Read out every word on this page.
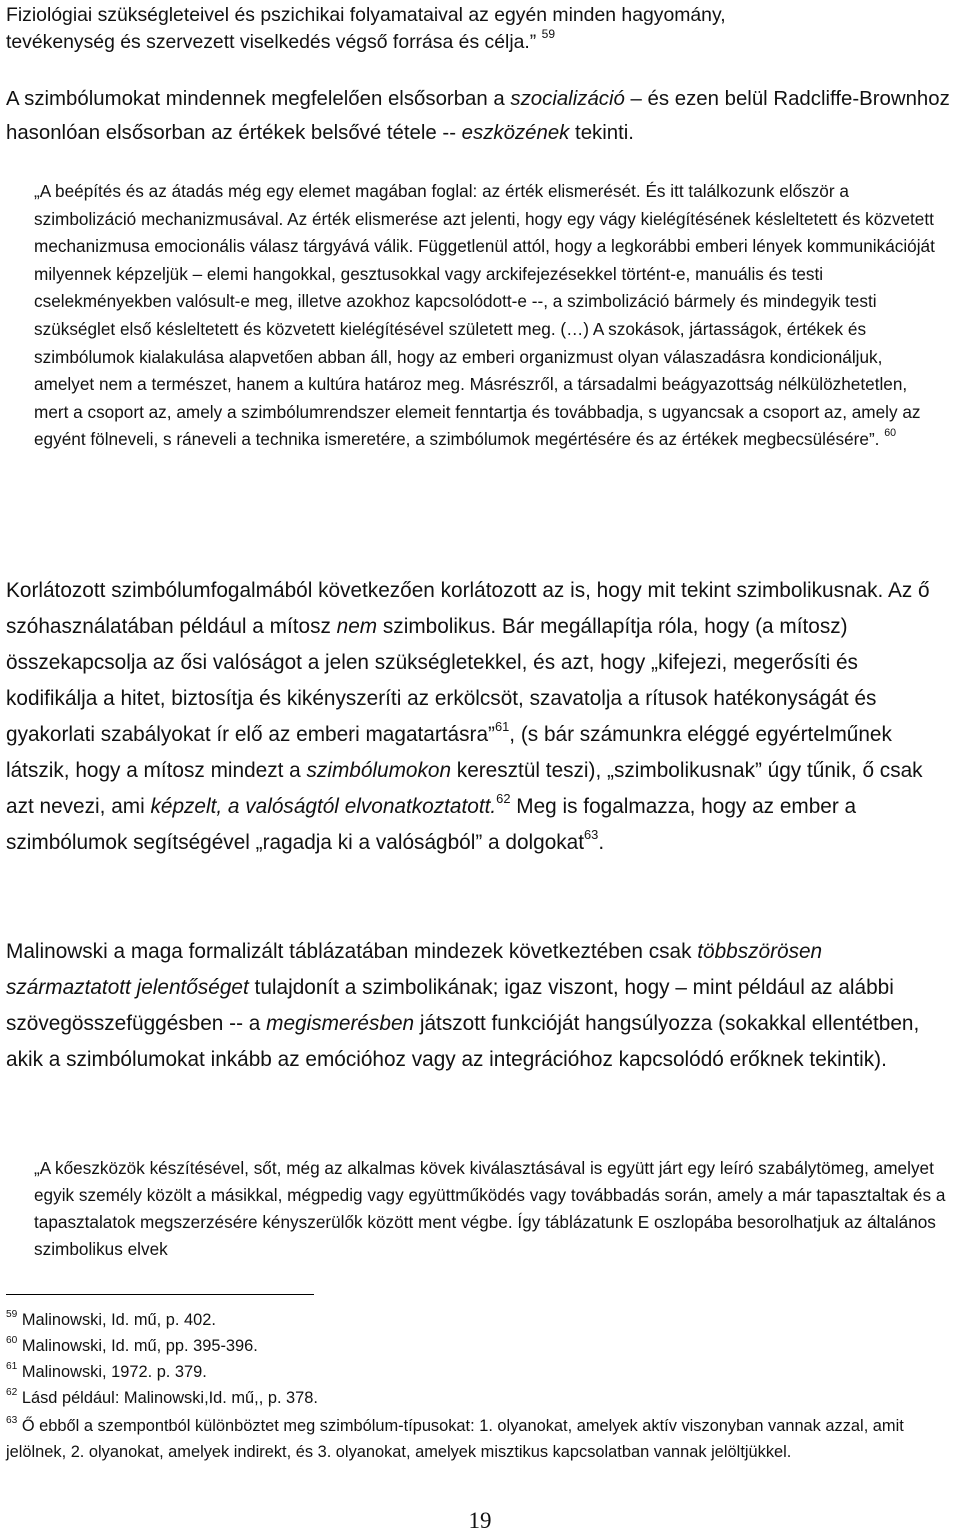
Fiziológiai szükségleteivel és pszichikai folyamataival az egyén minden hagyomány,
tevékenység és szervezett viselkedés végső forrása és célja.” $^{59}$

A szimbólumokat mindennek megfelelően elsősorban a szocializáció – és ezen belül Radcliffe-Brownhoz hasonlóan elsősorban az értékek belsővé tétele -- eszközének tekinti.

„A beépítés és az átadás még egy elemet magában foglal: az érték elismerését. És itt találkozunk először a szimbolizáció mechanizmusával. Az érték elismerése azt jelenti, hogy egy vágy kielégítésének késleltetett és közvetett mechanizmusa emocionális válasz tárgyává válik. Függetlenül attól, hogy a legkorábbi emberi lények kommunikációját milyennek képzeljük – elemi hangokkal, gesztusokkal vagy arckifejezésekkel történt-e, manuális és testi cselekményekben valósult-e meg, illetve azokhoz kapcsolódott-e --, a szimbolizáció bármely és mindegyik testi szükséglet első késleltetett és közvetett kielégítésével született meg. (…) A szokások, jártasságok, értékek és szimbólumok kialakulása alapvetően abban áll, hogy az emberi organizmust olyan válaszadásra kondicionáljuk, amelyet nem a természet, hanem a kultúra határoz meg. Másrészről, a társadalmi beágyazottság nélkülözhetetlen, mert a csoport az, amely a szimbólumrendszer elemeit fenntartja és továbbadja, s ugyancsak a csoport az, amely az egyént fölneveli, s ráneveli a technika ismeretére, a szimbólumok megértésére és az értékek megbecsülésére”. $^{60}$

Korlátozott szimbólumfogalmából következően korlátozott az is, hogy mit tekint szimbolikusnak. Az ő szóhasználatában például a mítosz nem szimbolikus. Bár megállapítja róla, hogy (a mítosz) összekapcsolja az ősi valóságot a jelen szükségletekkel, és azt, hogy „kifejezi, megerősíti és kodifikálja a hitet, biztosítja és kikényszeríti az erkölcsöt, szavatolja a rítusok hatékonyságát és gyakorlati szabályokat ír elő az emberi magatartásra”$^{61}$, (s bár számunkra eléggé egyértelműnek látszik, hogy a mítosz mindezt a szimbólumokon keresztül teszi), „szimbolikusnak” úgy tűnik, ő csak azt nevezi, ami képzelt, a valóságtól elvonatkoztatott.$^{62}$ Meg is fogalmazza, hogy az ember a szimbólumok segítségével „ragadja ki a valóságból” a dolgokat$^{63}$.

Malinowski a maga formalizált táblázatában mindezek következtében csak többszörösen származtatott jelentőséget tulajdonít a szimbolikának; igaz viszont, hogy – mint például az alábbi szövegösszefüggésben -- a megismerésben játszott funkcióját hangsúlyozza (sokakkal ellentétben, akik a szimbólumokat inkább az emócióhoz vagy az integrációhoz kapcsolódó erőknek tekintik).

„A kőeszközök készítésével, sőt, még az alkalmas kövek kiválasztásával is együtt járt egy leíró szabálytömeg, amelyet egyik személy közölt a másikkal, mégpedig vagy együttműködés vagy továbbadás során, amely a már tapasztaltak és a tapasztalatok megszerzésére kényszerülők között ment végbe. Így táblázatunk E oszlopába besorolhatjuk az általános szimbolikus elvek

$^{59}$ Malinowski, Id. mű, p. 402.

$^{60}$ Malinowski, Id. mű, pp. 395-396.

$^{61}$ Malinowski, 1972. p. 379.

$^{62}$ Lásd például: Malinowski,Id. mű,, p. 378.

$^{63}$ Ő ebből a szempontból különböztet meg szimbólum-típusokat: 1. olyanokat, amelyek aktív viszonyban vannak azzal, amit jelölnek, 2. olyanokat, amelyek indirekt, és 3. olyanokat, amelyek misztikus kapcsolatban vannak jelöltjükkel.

19
